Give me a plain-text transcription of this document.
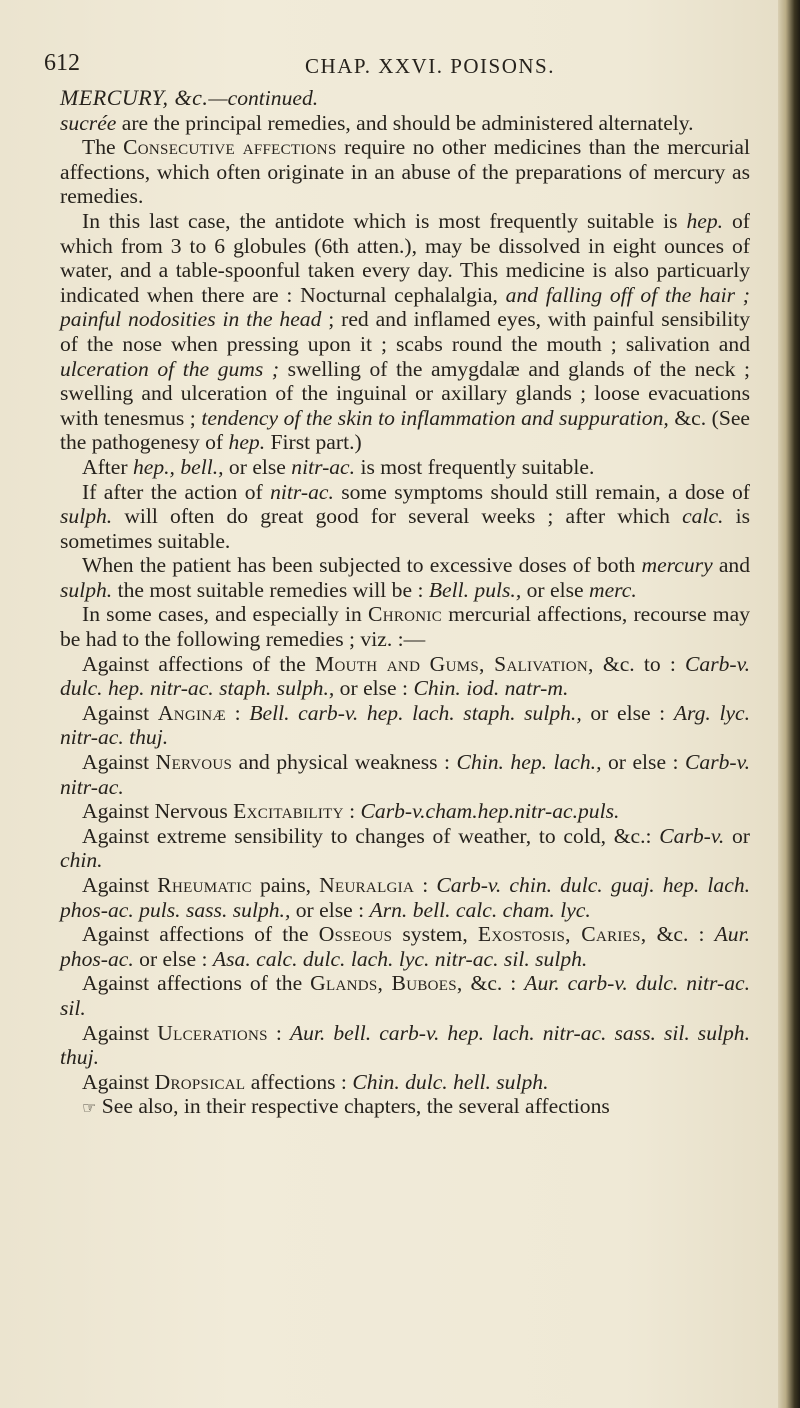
612	CHAP. XXVI. POISONS.

MERCURY, &c.—continued.

sucrée are the principal remedies, and should be administered alternately.

The Consecutive affections require no other medicines than the mercurial affections, which often originate in an abuse of the preparations of mercury as remedies.

In this last case, the antidote which is most frequently suitable is hep. of which from 3 to 6 globules (6th atten.), may be dissolved in eight ounces of water, and a table-spoonful taken every day. This medicine is also particuarly indicated when there are : Nocturnal cephalalgia, and falling off of the hair ; painful nodosities in the head ; red and inflamed eyes, with painful sensibility of the nose when pressing upon it ; scabs round the mouth ; salivation and ulceration of the gums ; swelling of the amygdalæ and glands of the neck ; swelling and ulceration of the inguinal or axillary glands ; loose evacuations with tenesmus ; tendency of the skin to inflammation and suppuration, &c. (See the pathogenesy of hep. First part.)

After hep., bell., or else nitr-ac. is most frequently suitable.

If after the action of nitr-ac. some symptoms should still remain, a dose of sulph. will often do great good for several weeks ; after which calc. is sometimes suitable.

When the patient has been subjected to excessive doses of both mercury and sulph. the most suitable remedies will be : Bell. puls., or else merc.

In some cases, and especially in Chronic mercurial affections, recourse may be had to the following remedies ; viz. :—

Against affections of the Mouth and Gums, Salivation, &c. to : Carb-v. dulc. hep. nitr-ac. staph. sulph., or else : Chin. iod. natr-m.

Against Anginæ : Bell. carb-v. hep. lach. staph. sulph., or else : Arg. lyc. nitr-ac. thuj.

Against Nervous and physical weakness : Chin. hep. lach., or else : Carb-v. nitr-ac.

Against Nervous Excitability : Carb-v.cham.hep.nitr-ac.puls.

Against extreme sensibility to changes of weather, to cold, &c.: Carb-v. or chin.

Against Rheumatic pains, Neuralgia : Carb-v. chin. dulc. guaj. hep. lach. phos-ac. puls. sass. sulph., or else : Arn. bell. calc. cham. lyc.

Against affections of the Osseous system, Exostosis, Caries, &c. : Aur. phos-ac. or else : Asa. calc. dulc. lach. lyc. nitr-ac. sil. sulph.

Against affections of the Glands, Buboes, &c. : Aur. carb-v. dulc. nitr-ac. sil.

Against Ulcerations : Aur. bell. carb-v. hep. lach. nitr-ac. sass. sil. sulph. thuj.

Against Dropsical affections : Chin. dulc. hell. sulph.

☞ See also, in their respective chapters, the several affections
